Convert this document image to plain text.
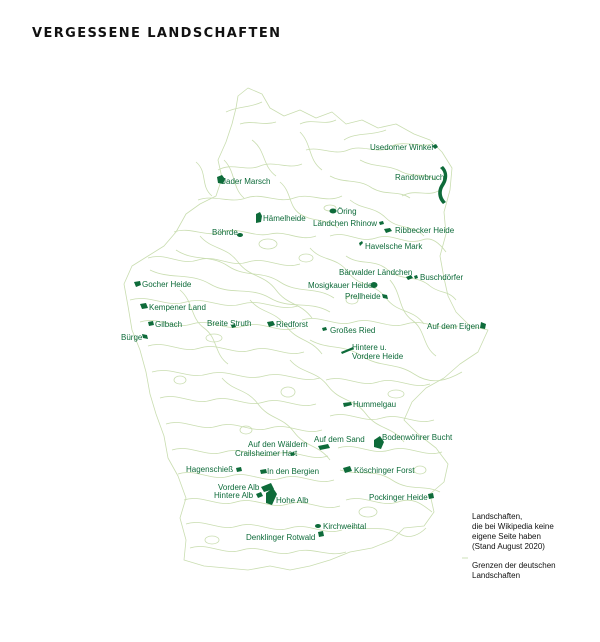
VERGESSENE LANDSCHAFTEN
Usedomer Winkel
Randowbruch
Jader Marsch
Öring
Hämelheide
Ländchen Rhinow
Ribbecker Heide
Böhrde
Havelsche Mark
Bärwalder Ländchen
Buschdörfer
Gocher Heide	Mosigkauer Heide
Prellheide
Kempener Land
Gilbach	Breite Struth	Riedforst
Großes Ried	Auf dem Eigen
Bürge
Hintere u. Vordere Heide
Hummelgau
Auf dem Sand Bodenwöhrer Bucht
Auf den Wäldern
Crailsheimer Hart
Hagenschieß	In den Bergien	Köschinger Forst
Vordere Alb
Hintere Alb
Hohe Alb	Pockinger Heide
Kirchweihtal
Denklinger Rotwald
Landschaften,
die bei Wikipedia keine
eigene Seite haben
(Stand August 2020)
Grenzen der deutschen
Landschaften
